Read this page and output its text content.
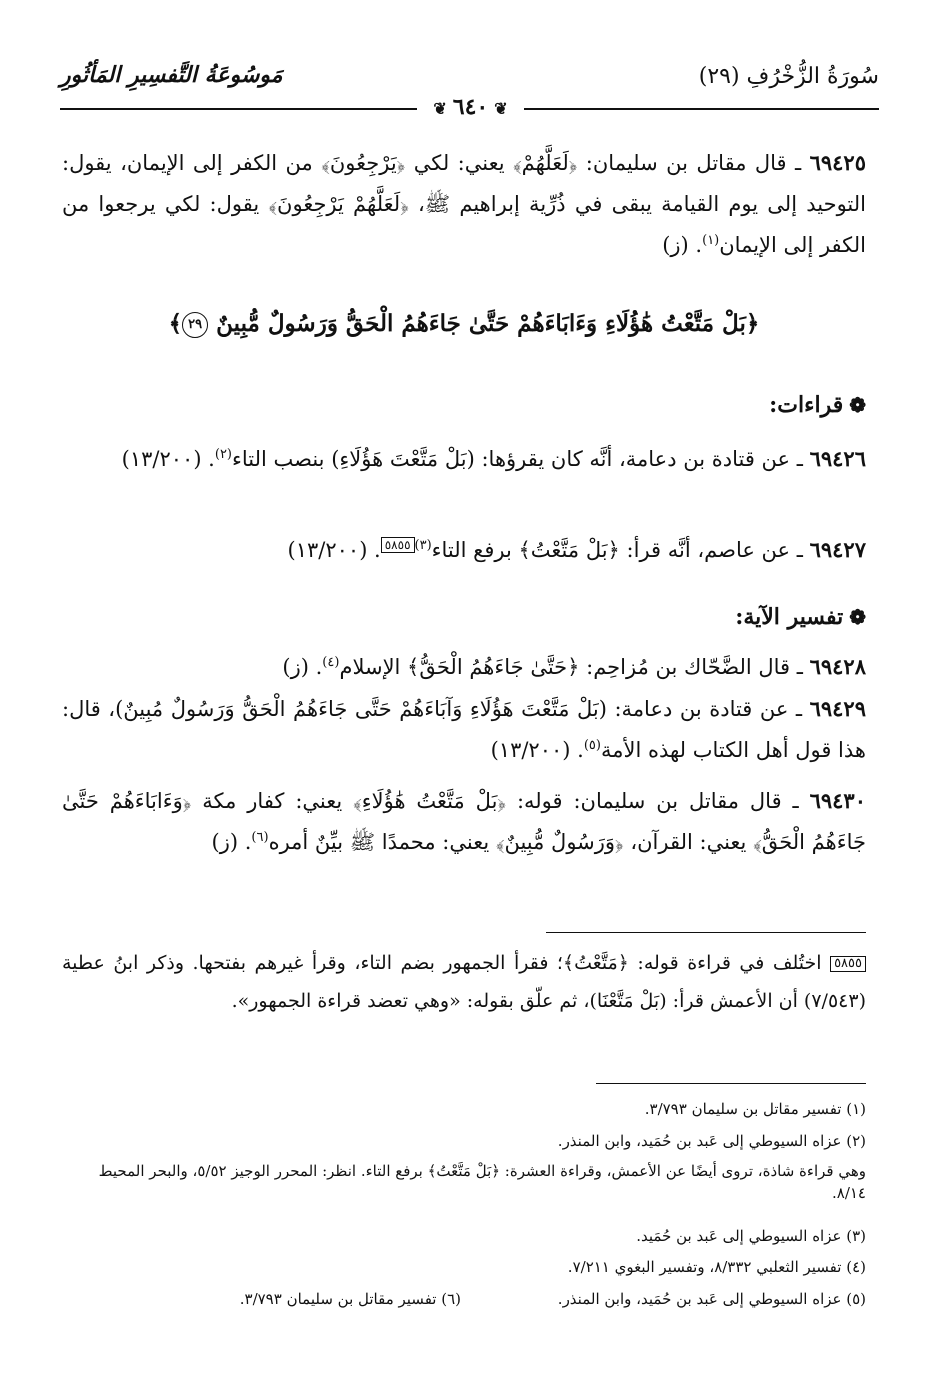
سُورَةُ الزُّخْرُفِ (٢٩)
مَوسُوعَةُ التَّفسِيرِ المَأثُورِ
❦٦٤٠❦
٦٩٤٢٥ ـ قال مقاتل بن سليمان: ﴿لَعَلَّهُمْ﴾ يعني: لكي ﴿يَرْجِعُونَ﴾ من الكفر إلى الإيمان، يقول: التوحيد إلى يوم القيامة يبقى في ذُرِّية إبراهيم ﷺ، ﴿لَعَلَّهُمْ يَرْجِعُونَ﴾ يقول: لكي يرجعوا من الكفر إلى الإيمان$^{(١)}$. (ز)
﴿بَلْ مَتَّعْتُ هَٰؤُلَاءِ وَءَابَاءَهُمْ حَتَّىٰ جَاءَهُمُ الْحَقُّ وَرَسُولٌ مُّبِينٌ ٢٩﴾
❁قراءات:
٦٩٤٢٦ ـ عن قتادة بن دعامة، أنَّه كان يقرؤها: (بَلْ مَتَّعْتَ هَؤُلَاءِ) بنصب التاء$^{(٢)}$. (١٣/٢٠٠)
٦٩٤٢٧ ـ عن عاصم، أنَّه قرأ: ﴿بَلْ مَتَّعْتُ﴾ برفع التاء$^{(٣)}$٥٨٥٥. (١٣/٢٠٠)
❁تفسير الآية:
٦٩٤٢٨ ـ قال الضَّحّاك بن مُزاحِم: ﴿حَتَّىٰ جَاءَهُمُ الْحَقُّ﴾ الإسلام$^{(٤)}$. (ز)
٦٩٤٢٩ ـ عن قتادة بن دعامة: (بَلْ مَتَّعْتَ هَؤُلَاءِ وَآبَاءَهُمْ حَتَّى جَاءَهُمُ الْحَقُّ وَرَسُولٌ مُبِينٌ)، قال: هذا قول أهل الكتاب لهذه الأمة$^{(٥)}$. (١٣/٢٠٠)
٦٩٤٣٠ ـ قال مقاتل بن سليمان: قوله: ﴿بَلْ مَتَّعْتُ هَٰؤُلَاءِ﴾ يعني: كفار مكة ﴿وَءَابَاءَهُمْ حَتَّىٰ جَاءَهُمُ الْحَقُّ﴾ يعني: القرآن، ﴿وَرَسُولٌ مُّبِينٌ﴾ يعني: محمدًا ﷺ بيِّنٌ أمره$^{(٦)}$. (ز)
٥٨٥٥ اختُلف في قراءة قوله: ﴿مَتَّعْتُ﴾؛ فقرأ الجمهور بضم التاء، وقرأ غيرهم بفتحها. وذكر ابنُ عطية (٧/٥٤٣) أن الأعمش قرأ: (بَلْ مَتَّعْنَا)، ثم علّق بقوله: «وهي تعضد قراءة الجمهور».
(١) تفسير مقاتل بن سليمان ٣/٧٩٣.
(٢) عزاه السيوطي إلى عَبد بن حُمَيد، وابن المنذر.
وهي قراءة شاذة، تروى أيضًا عن الأعمش، وقراءة العشرة: ﴿بَلْ مَتَّعْتُ﴾ برفع التاء. انظر: المحرر الوجيز ٥/٥٢، والبحر المحيط ٨/١٤.
(٣) عزاه السيوطي إلى عَبد بن حُمَيد.
(٤) تفسير الثعلبي ٨/٣٣٢، وتفسير البغوي ٧/٢١١.
(٥) عزاه السيوطي إلى عَبد بن حُمَيد، وابن المنذر.
(٦) تفسير مقاتل بن سليمان ٣/٧٩٣.
